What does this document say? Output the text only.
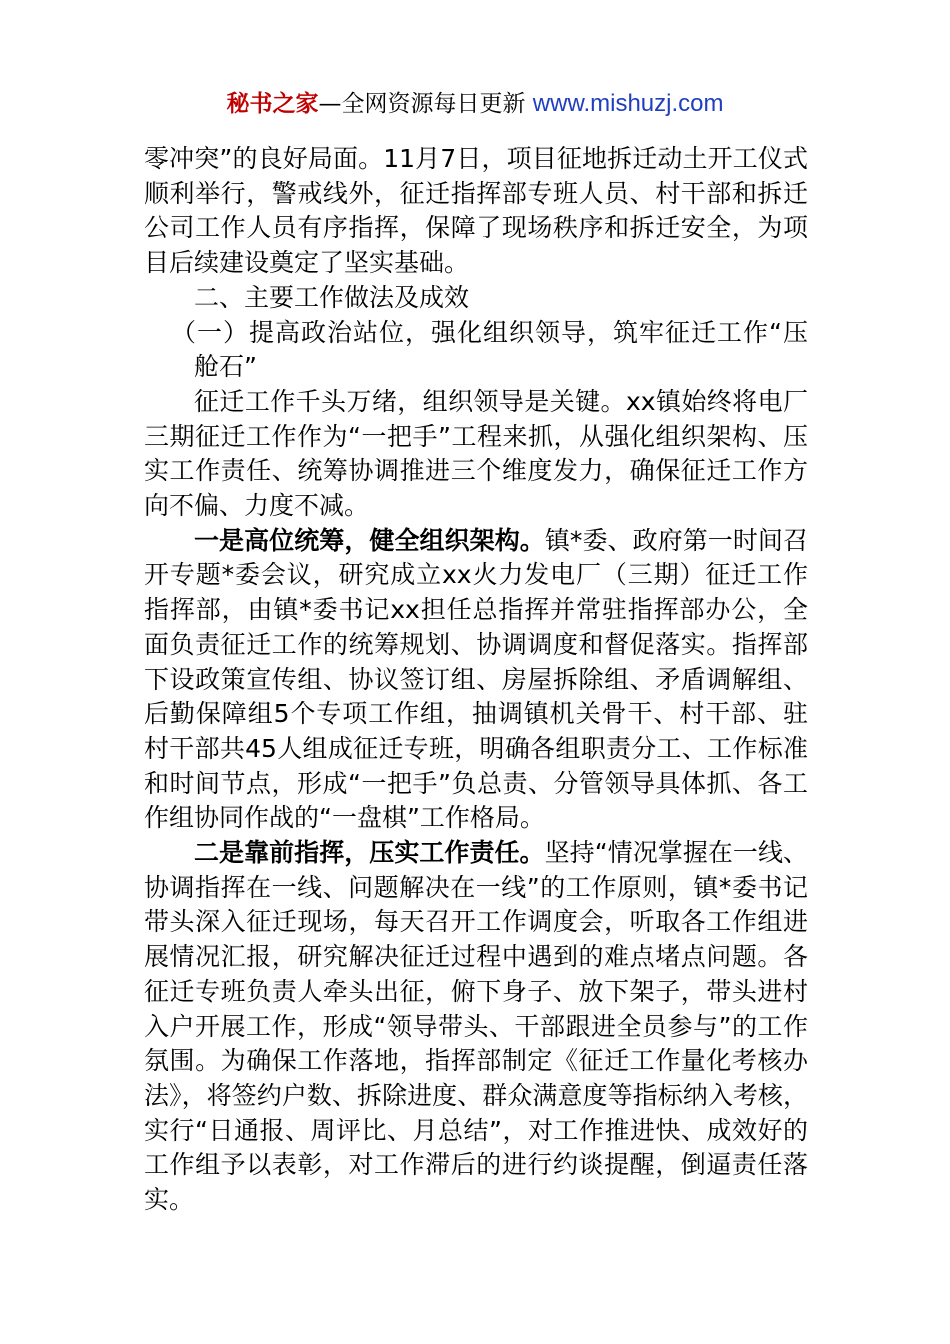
秘书之家—全网资源每日更新 www.mishuzj.com

零冲突”的良好局面。11月7日，项目征地拆迁动土开工仪式顺利举行，警戒线外，征迁指挥部专班人员、村干部和拆迁公司工作人员有序指挥，保障了现场秩序和拆迁安全，为项目后续建设奠定了坚实基础。

二、主要工作做法及成效

（一）提高政治站位，强化组织领导，筑牢征迁工作“压舱石”

征迁工作千头万绪，组织领导是关键。xx镇始终将电厂三期征迁工作作为“一把手”工程来抓，从强化组织架构、压实工作责任、统筹协调推进三个维度发力，确保征迁工作方向不偏、力度不减。

一是高位统筹，健全组织架构。镇*委、政府第一时间召开专题*委会议，研究成立xx火力发电厂（三期）征迁工作指挥部，由镇*委书记xx担任总指挥并常驻指挥部办公，全面负责征迁工作的统筹规划、协调调度和督促落实。指挥部下设政策宣传组、协议签订组、房屋拆除组、矛盾调解组、后勤保障组5个专项工作组，抽调镇机关骨干、村干部、驻村干部共45人组成征迁专班，明确各组职责分工、工作标准和时间节点，形成“一把手”负总责、分管领导具体抓、各工作组协同作战的“一盘棋”工作格局。

二是靠前指挥，压实工作责任。坚持“情况掌握在一线、协调指挥在一线、问题解决在一线”的工作原则，镇*委书记带头深入征迁现场，每天召开工作调度会，听取各工作组进展情况汇报，研究解决征迁过程中遇到的难点堵点问题。各征迁专班负责人牵头出征，俯下身子、放下架子，带头进村入户开展工作，形成“领导带头、干部跟进全员参与”的工作氛围。为确保工作落地，指挥部制定《征迁工作量化考核办法》，将签约户数、拆除进度、群众满意度等指标纳入考核，实行“日通报、周评比、月总结”，对工作推进快、成效好的工作组予以表彰，对工作滞后的进行约谈提醒，倒逼责任落实。
